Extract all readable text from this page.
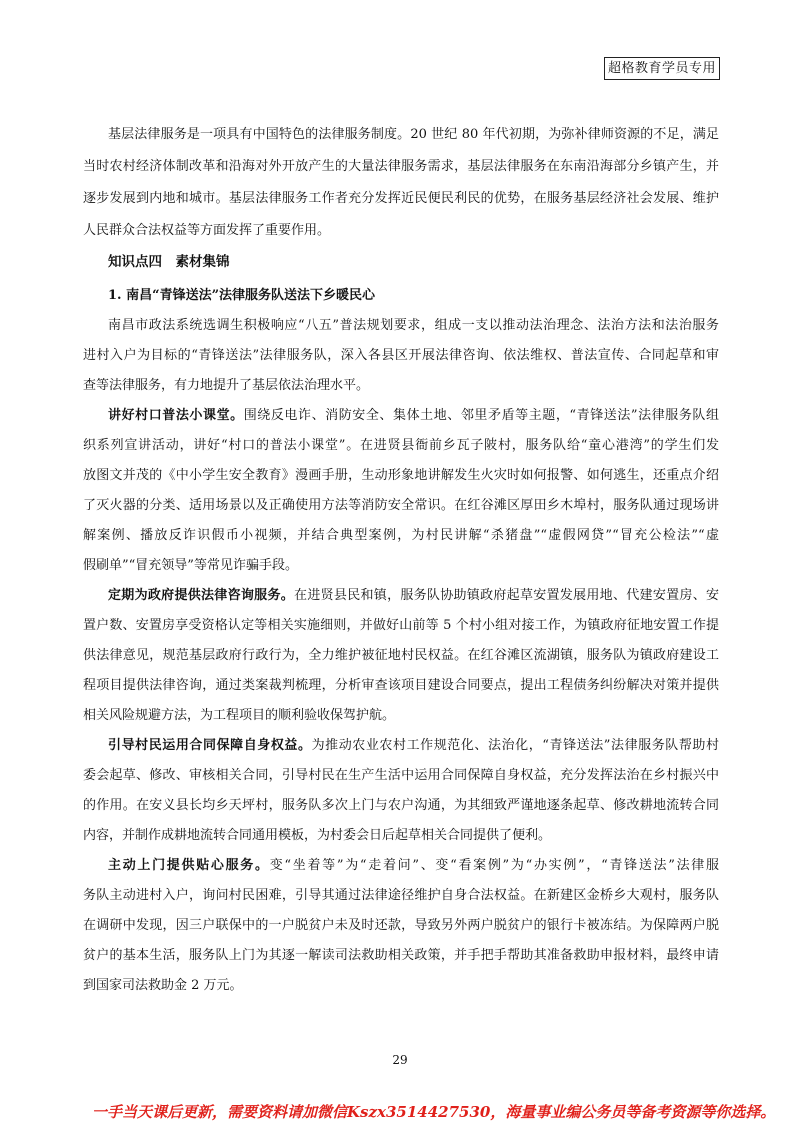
超格教育学员专用
基层法律服务是一项具有中国特色的法律服务制度。20 世纪 80 年代初期，为弥补律师资源的不足，满足
当时农村经济体制改革和沿海对外开放产生的大量法律服务需求，基层法律服务在东南沿海部分乡镇产生，并
逐步发展到内地和城市。基层法律服务工作者充分发挥近民便民利民的优势，在服务基层经济社会发展、维护
人民群众合法权益等方面发挥了重要作用。
知识点四　素材集锦
1. 南昌“青锋送法”法律服务队送法下乡暖民心
南昌市政法系统选调生积极响应“八五”普法规划要求，组成一支以推动法治理念、法治方法和法治服务
进村入户为目标的“青锋送法”法律服务队，深入各县区开展法律咨询、依法维权、普法宣传、合同起草和审
查等法律服务，有力地提升了基层依法治理水平。
讲好村口普法小课堂。围绕反电诈、消防安全、集体土地、邻里矛盾等主题，“青锋送法”法律服务队组
织系列宣讲活动，讲好“村口的普法小课堂”。在进贤县衙前乡瓦子陂村，服务队给“童心港湾”的学生们发
放图文并茂的《中小学生安全教育》漫画手册，生动形象地讲解发生火灾时如何报警、如何逃生，还重点介绍
了灭火器的分类、适用场景以及正确使用方法等消防安全常识。在红谷滩区厚田乡木埠村，服务队通过现场讲
解案例、播放反诈识假币小视频，并结合典型案例，为村民讲解“杀猪盘”“虚假网贷”“冒充公检法”“虚
假刷单”“冒充领导”等常见诈骗手段。
定期为政府提供法律咨询服务。在进贤县民和镇，服务队协助镇政府起草安置发展用地、代建安置房、安
置户数、安置房享受资格认定等相关实施细则，并做好山前等 5 个村小组对接工作，为镇政府征地安置工作提
供法律意见，规范基层政府行政行为，全力维护被征地村民权益。在红谷滩区流湖镇，服务队为镇政府建设工
程项目提供法律咨询，通过类案裁判梳理，分析审查该项目建设合同要点，提出工程债务纠纷解决对策并提供
相关风险规避方法，为工程项目的顺利验收保驾护航。
引导村民运用合同保障自身权益。为推动农业农村工作规范化、法治化，“青锋送法”法律服务队帮助村
委会起草、修改、审核相关合同，引导村民在生产生活中运用合同保障自身权益，充分发挥法治在乡村振兴中
的作用。在安义县长均乡天坪村，服务队多次上门与农户沟通，为其细致严谨地逐条起草、修改耕地流转合同
内容，并制作成耕地流转合同通用模板，为村委会日后起草相关合同提供了便利。
主动上门提供贴心服务。变“坐着等”为“走着问”、变“看案例”为“办实例”，“青锋送法”法律服
务队主动进村入户，询问村民困难，引导其通过法律途径维护自身合法权益。在新建区金桥乡大观村，服务队
在调研中发现，因三户联保中的一户脱贫户未及时还款，导致另外两户脱贫户的银行卡被冻结。为保障两户脱
贫户的基本生活，服务队上门为其逐一解读司法救助相关政策，并手把手帮助其准备救助申报材料，最终申请
到国家司法救助金 2 万元。
29
一手当天课后更新，需要资料请加微信Kszx3514427530，海量事业编公务员等备考资源等你选择。
